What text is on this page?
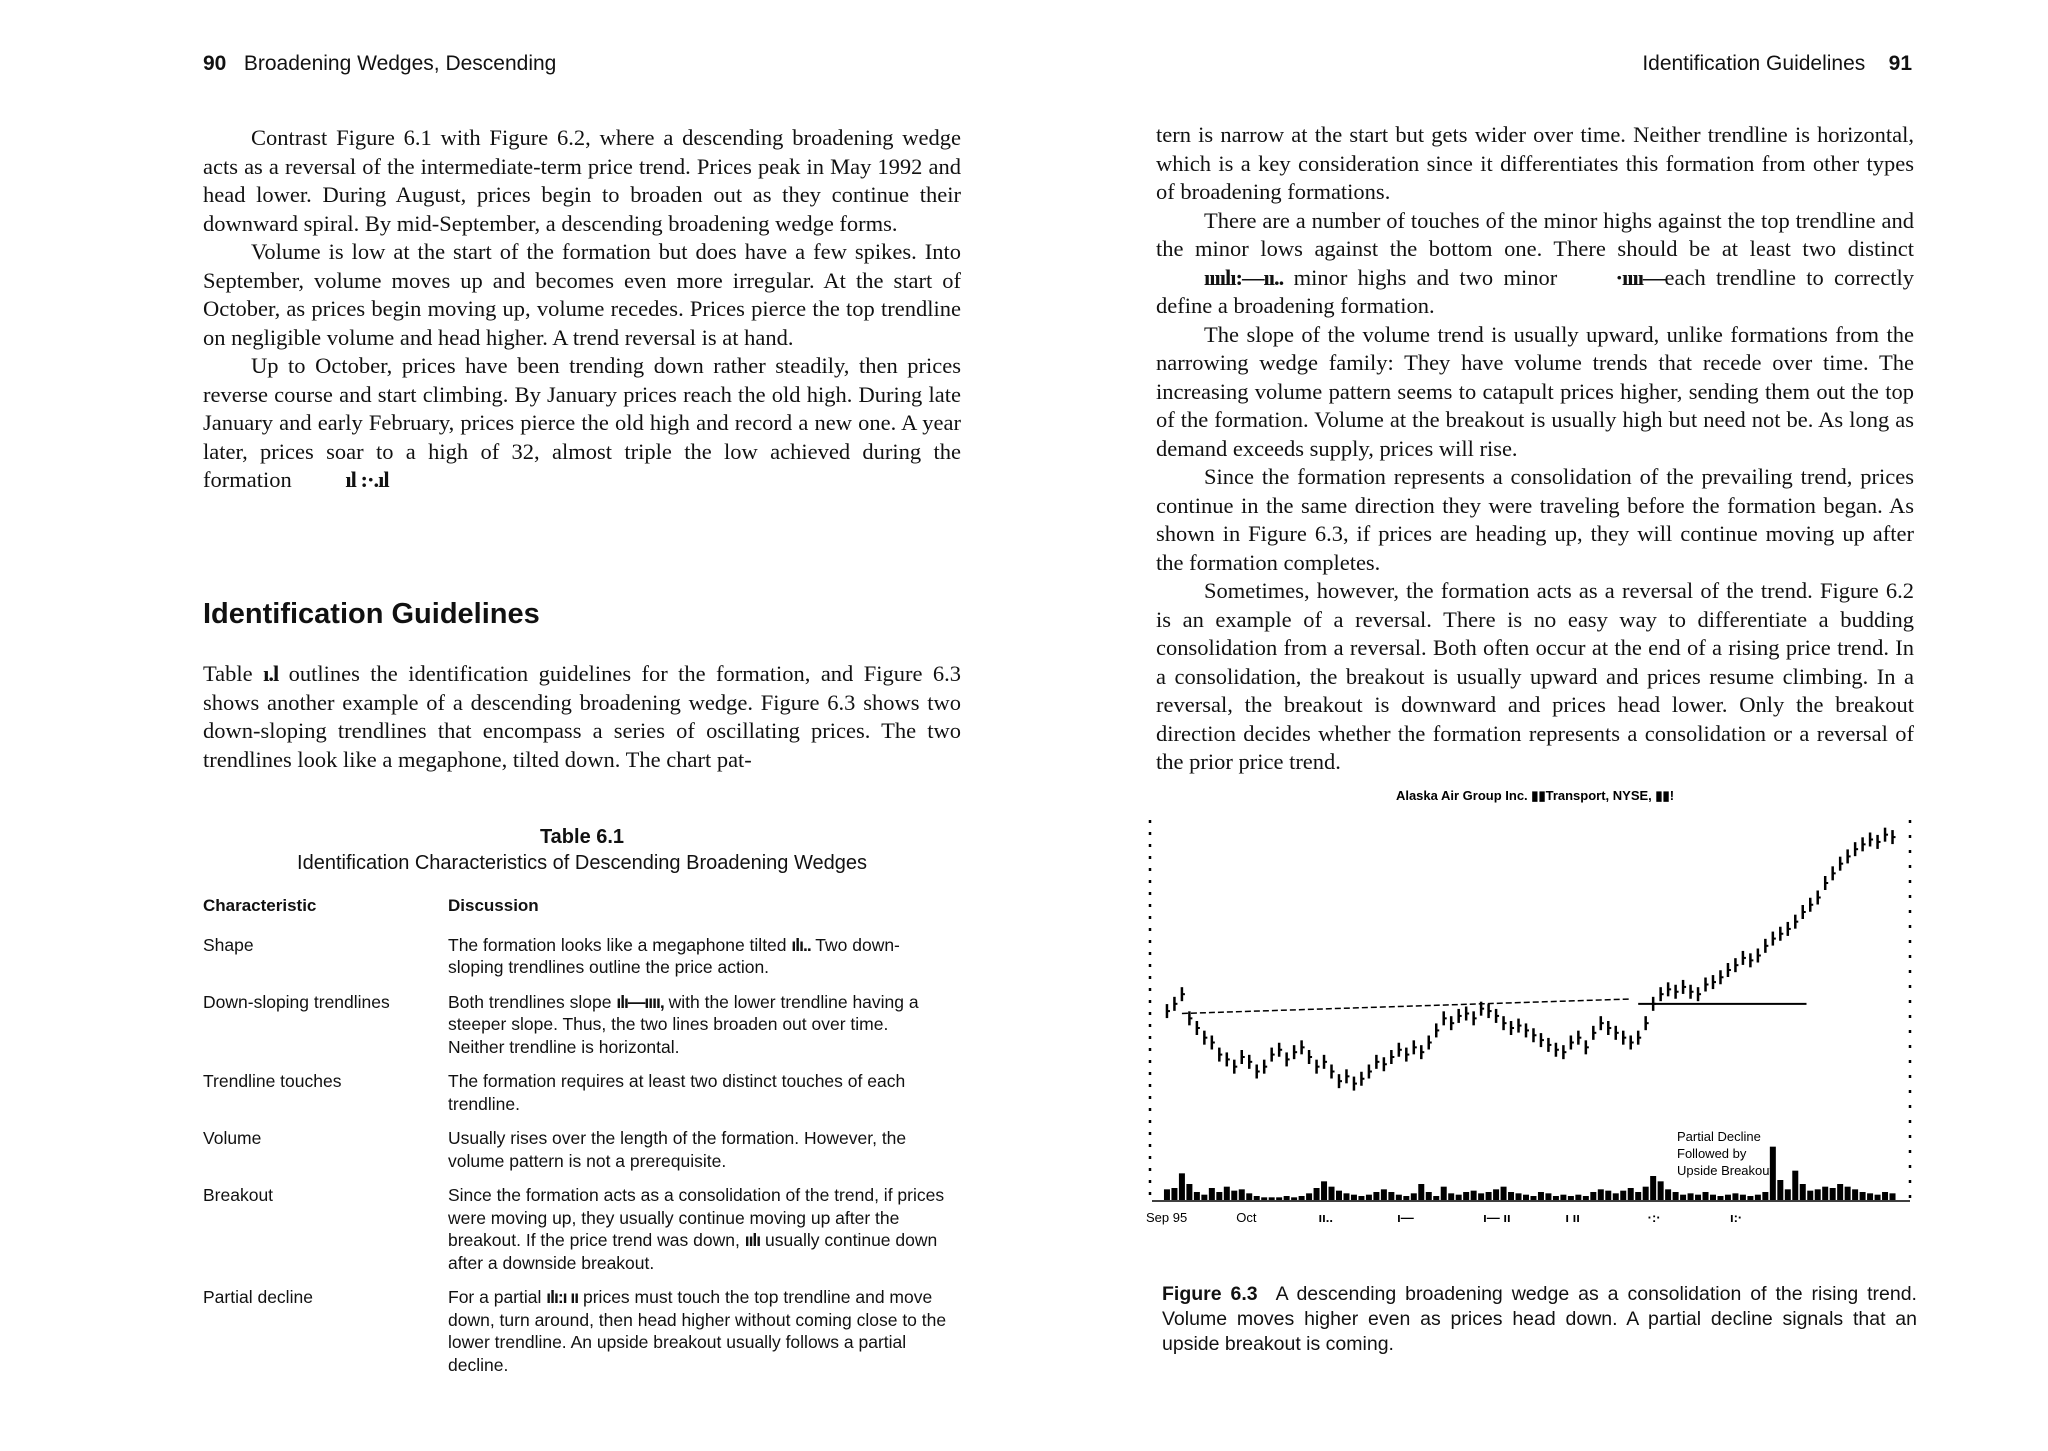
90 Broadening Wedges, Descending

Contrast Figure 6.1 with Figure 6.2, where a descending broadening wedge acts as a reversal of the intermediate-term price trend. Prices peak in May 1992 and head lower. During August, prices begin to broaden out as they continue their downward spiral. By mid-September, a descending broadening wedge forms.

Volume is low at the start of the formation but does have a few spikes. Into September, volume moves up and becomes even more irregular. At the start of October, as prices begin moving up, volume recedes. Prices pierce the top trendline on negligible volume and head higher. A trend reversal is at hand.

Up to October, prices have been trending down rather steadily, then prices reverse course and start climbing. By January prices reach the old high. During late January and early February, prices pierce the old high and record a new one. A year later, prices soar to a high of 32, almost triple the low achieved during the formation ıl :·.ıl

Identification Guidelines
Table ı.l outlines the identification guidelines for the formation, and Figure 6.3 shows another example of a descending broadening wedge. Figure 6.3 shows two down-sloping trendlines that encompass a series of oscillating prices. The two trendlines look like a megaphone, tilted down. The chart pat-
Table 6.1
Identification Characteristics of Descending Broadening Wedges
Characteristic	Discussion
Shape	The formation looks like a megaphone tilted ılı.. Two down-sloping trendlines outline the price action.
Down-sloping trendlines	Both trendlines slope ılı—ıııı, with the lower trendline having a steeper slope. Thus, the two lines broaden out over time. Neither trendline is horizontal.
Trendline touches	The formation requires at least two distinct touches of each trendline.
Volume	Usually rises over the length of the formation. However, the volume pattern is not a prerequisite.
Breakout	Since the formation acts as a consolidation of the trend, if prices were moving up, they usually continue moving up after the breakout. If the price trend was down, ıılı usually continue down after a downside breakout.
Partial decline	For a partial ılı:ı ıı prices must touch the top trendline and move down, turn around, then head higher without coming close to the lower trendline. An upside breakout usually follows a partial decline.
Identification Guidelines 91

tern is narrow at the start but gets wider over time. Neither trendline is horizontal, which is a key consideration since it differentiates this formation from other types of broadening formations.

There are a number of touches of the minor highs against the top trendline and the minor lows against the bottom one. There should be at least two distinct ıııılı:—ıı.. minor highs and two minor	·ıııı—each trendline to correctly define a broadening formation.

The slope of the volume trend is usually upward, unlike formations from the narrowing wedge family: They have volume trends that recede over time. The increasing volume pattern seems to catapult prices higher, sending them out the top of the formation. Volume at the breakout is usually high but need not be. As long as demand exceeds supply, prices will rise.

Since the formation represents a consolidation of the prevailing trend, prices continue in the same direction they were traveling before the formation began. As shown in Figure 6.3, if prices are heading up, they will continue moving up after the formation completes.

Sometimes, however, the formation acts as a reversal of the trend. Figure 6.2 is an example of a reversal. There is no easy way to differentiate a budding consolidation from a reversal. Both often occur at the end of a rising price trend. In a consolidation, the breakout is usually upward and prices resume climbing. In a reversal, the breakout is downward and prices head lower. Only the breakout direction decides whether the formation represents a consolidation or a reversal of the prior price trend.

Alaska Air Group Inc. ▮▮Transport, NYSE, ▮▮!
Sep 95	Oct	ıı..	ı—	ı— ıı	ı ıı	·:·	ı:·
Partial Decline
Followed by
Upside Breakout
Figure 6.3 A descending broadening wedge as a consolidation of the rising trend. Volume moves higher even as prices head down. A partial decline signals that an upside breakout is coming.
